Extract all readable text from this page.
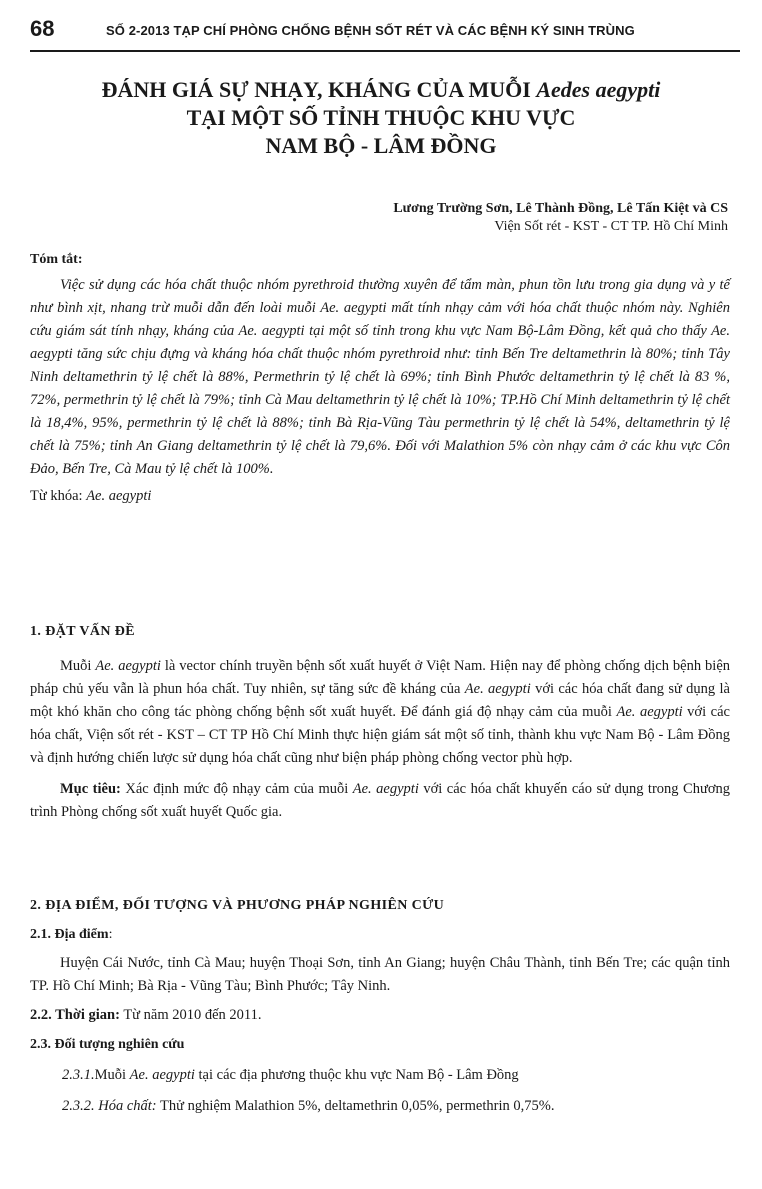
68	SỐ 2-2013 TẠP CHÍ PHÒNG CHỐNG BỆNH SỐT RÉT VÀ CÁC BỆNH KÝ SINH TRÙNG
ĐÁNH GIÁ SỰ NHẠY, KHÁNG CỦA MUỖI Aedes aegypti
TẠI MỘT SỐ TỈNH THUỘC KHU VỰC
NAM BỘ - LÂM ĐỒNG
Lương Trường Sơn, Lê Thành Đồng, Lê Tấn Kiệt và CS
Viện Sốt rét - KST - CT TP. Hồ Chí Minh
Tóm tắt:
Việc sử dụng các hóa chất thuộc nhóm pyrethroid thường xuyên để tẩm màn, phun tồn lưu trong gia dụng và y tế như bình xịt, nhang trừ muỗi dẫn đến loài muỗi Ae. aegypti mất tính nhạy cảm với hóa chất thuộc nhóm này. Nghiên cứu giám sát tính nhạy, kháng của Ae. aegypti tại một số tỉnh trong khu vực Nam Bộ-Lâm Đồng, kết quả cho thấy Ae. aegypti tăng sức chịu đựng và kháng hóa chất thuộc nhóm pyrethroid như: tỉnh Bến Tre deltamethrin là 80%; tỉnh Tây Ninh deltamethrin tỷ lệ chết là 88%, Permethrin tỷ lệ chết là 69%; tỉnh Bình Phước deltamethrin tỷ lệ chết là 83 %, 72%, permethrin tỷ lệ chết là 79%; tỉnh Cà Mau deltamethrin tỷ lệ chết là 10%; TP.Hồ Chí Minh deltamethrin tỷ lệ chết là 18,4%, 95%, permethrin tỷ lệ chết là 88%; tỉnh Bà Rịa-Vũng Tàu permethrin tỷ lệ chết là 54%, deltamethrin tỷ lệ chết là 75%; tỉnh An Giang deltamethrin tỷ lệ chết là 79,6%. Đối với Malathion 5% còn nhạy cảm ở các khu vực Côn Đảo, Bến Tre, Cà Mau tỷ lệ chết là 100%.
Từ khóa: Ae. aegypti
1. ĐẶT VẤN ĐỀ
Muỗi Ae. aegypti là vector chính truyền bệnh sốt xuất huyết ở Việt Nam. Hiện nay để phòng chống dịch bệnh biện pháp chủ yếu vẫn là phun hóa chất. Tuy nhiên, sự tăng sức đề kháng của Ae. aegypti với các hóa chất đang sử dụng là một khó khăn cho công tác phòng chống bệnh sốt xuất huyết. Để đánh giá độ nhạy cảm của muỗi Ae. aegypti với các hóa chất, Viện sốt rét - KST – CT TP Hồ Chí Minh thực hiện giám sát một số tỉnh, thành khu vực Nam Bộ - Lâm Đồng và định hướng chiến lược sử dụng hóa chất cũng như biện pháp phòng chống vector phù hợp.
Mục tiêu: Xác định mức độ nhạy cảm của muỗi Ae. aegypti với các hóa chất khuyến cáo sử dụng trong Chương trình Phòng chống sốt xuất huyết Quốc gia.
2. ĐỊA ĐIỂM, ĐỐI TƯỢNG VÀ PHƯƠNG PHÁP NGHIÊN CỨU
2.1. Địa điểm:
Huyện Cái Nước, tỉnh Cà Mau; huyện Thoại Sơn, tỉnh An Giang; huyện Châu Thành, tỉnh Bến Tre; các quận tỉnh TP. Hồ Chí Minh; Bà Rịa - Vũng Tàu; Bình Phước; Tây Ninh.
2.2. Thời gian: Từ năm 2010 đến 2011.
2.3. Đối tượng nghiên cứu
2.3.1.Muỗi Ae. aegypti tại các địa phương thuộc khu vực Nam Bộ - Lâm Đồng
2.3.2. Hóa chất: Thử nghiệm Malathion 5%, deltamethrin 0,05%, permethrin 0,75%.
